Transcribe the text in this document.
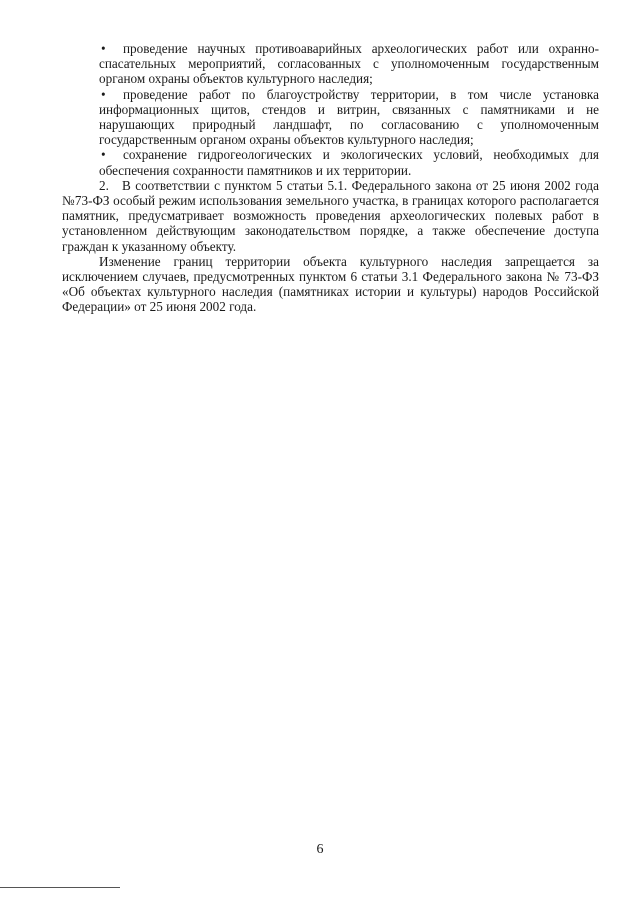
• проведение научных противоаварийных археологических работ или охранно-спасательных мероприятий, согласованных с уполномоченным государственным органом охраны объектов культурного наследия;
• проведение работ по благоустройству территории, в том числе установка информационных щитов, стендов и витрин, связанных с памятниками и не нарушающих природный ландшафт, по согласованию с уполномоченным государственным органом охраны объектов культурного наследия;
• сохранение гидрогеологических и экологических условий, необходимых для обеспечения сохранности памятников и их территории.

2.   В соответствии с пунктом 5 статьи 5.1. Федерального закона от 25 июня 2002 года №73-ФЗ особый режим использования земельного участка, в границах которого располагается памятник, предусматривает возможность проведения археологических полевых работ в установленном действующим законодательством порядке, а также обеспечение доступа граждан к указанному объекту.

Изменение границ территории объекта культурного наследия запрещается за исключением случаев, предусмотренных пунктом 6 статьи 3.1 Федерального закона № 73-ФЗ «Об объектах культурного наследия (памятниках истории и культуры) народов Российской Федерации» от 25 июня 2002 года.

6
